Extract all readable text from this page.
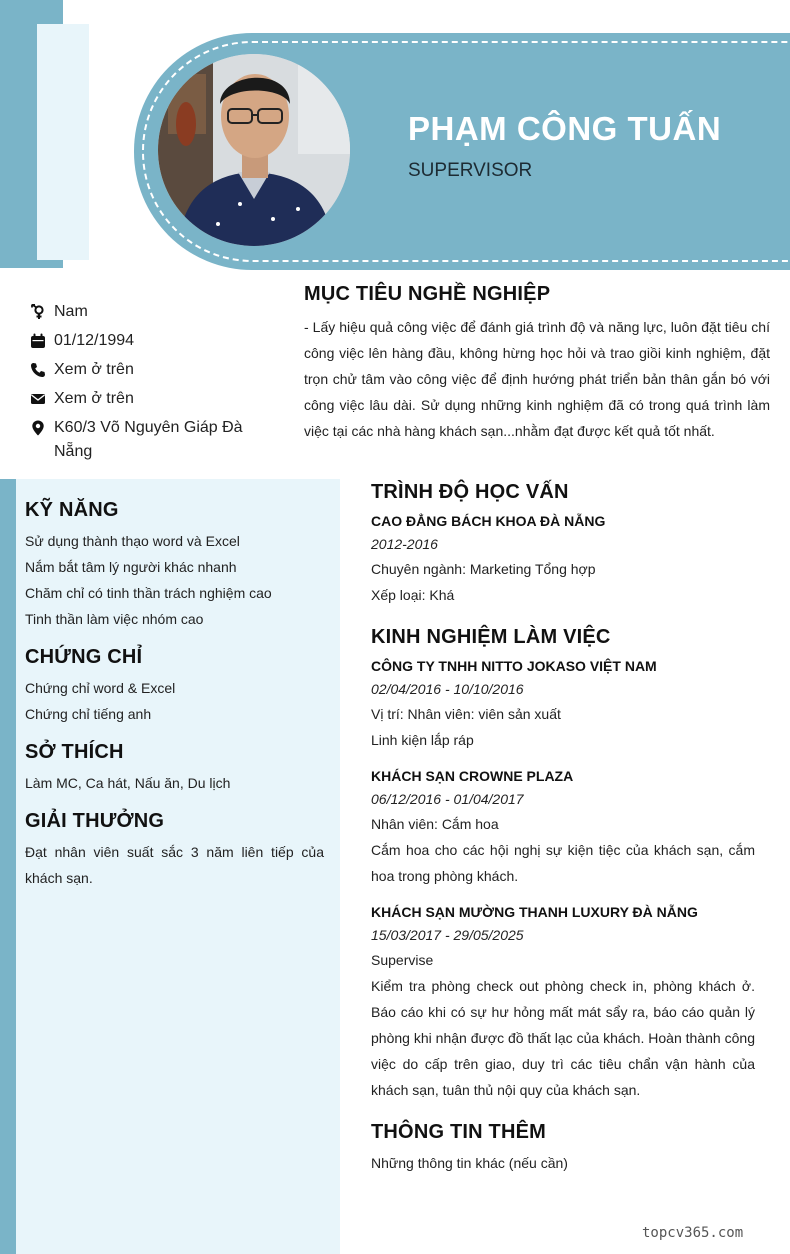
PHẠM CÔNG TUẤN
SUPERVISOR
Nam
01/12/1994
Xem ở trên
Xem ở trên
K60/3 Võ Nguyên Giáp Đà Nẵng
MỤC TIÊU NGHỀ NGHIỆP

- Lấy hiệu quả công việc để đánh giá trình độ và năng lực, luôn đặt tiêu chí công việc lên hàng đầu, không hừng học hỏi và trao giồi kinh nghiệm, đặt trọn chử tâm vào công việc để định hướng phát triển bản thân gắn bó với công việc lâu dài. Sử dụng những kinh nghiệm đã có trong quá trình làm việc tại các nhà hàng khách sạn...nhằm đạt được kết quả tốt nhất.

KỸ NĂNG
Sử dụng thành thạo word và Excel
Nắm bắt tâm lý người khác nhanh
Chăm chỉ có tinh thần trách nghiệm cao
Tinh thần làm việc nhóm cao
CHỨNG CHỈ
Chứng chỉ word & Excel
Chứng chỉ tiếng anh
SỞ THÍCH
Làm MC, Ca hát, Nấu ăn, Du lịch
GIẢI THƯỞNG
Đạt nhân viên suất sắc 3 năm liên tiếp của khách sạn.
TRÌNH ĐỘ HỌC VẤN
CAO ĐẲNG BÁCH KHOA ĐÀ NẴNG
2012-2016
Chuyên ngành: Marketing Tổng hợp
Xếp loại: Khá
KINH NGHIỆM LÀM VIỆC
CÔNG TY TNHH NITTO JOKASO VIỆT NAM
02/04/2016 - 10/10/2016
Vị trí: Nhân viên: viên sản xuất
Linh kiện lắp ráp
KHÁCH SẠN CROWNE PLAZA
06/12/2016 - 01/04/2017
Nhân viên: Cắm hoa
Cắm hoa cho các hội nghị sự kiện tiệc của khách sạn, cắm hoa trong phòng khách.
KHÁCH SẠN MƯỜNG THANH LUXURY ĐÀ NẴNG
15/03/2017 - 29/05/2025
Supervise
Kiểm tra phòng check out phòng check in, phòng khách ở. Báo cáo khi có sự hư hỏng mất mát sẩy ra, báo cáo quản lý phòng khi nhận được đồ thất lạc của khách. Hoàn thành công việc do cấp trên giao, duy trì các tiêu chẩn vận hành của khách sạn, tuân thủ nội quy của khách sạn.
THÔNG TIN THÊM
Những thông tin khác (nếu cần)
topcv365.com
